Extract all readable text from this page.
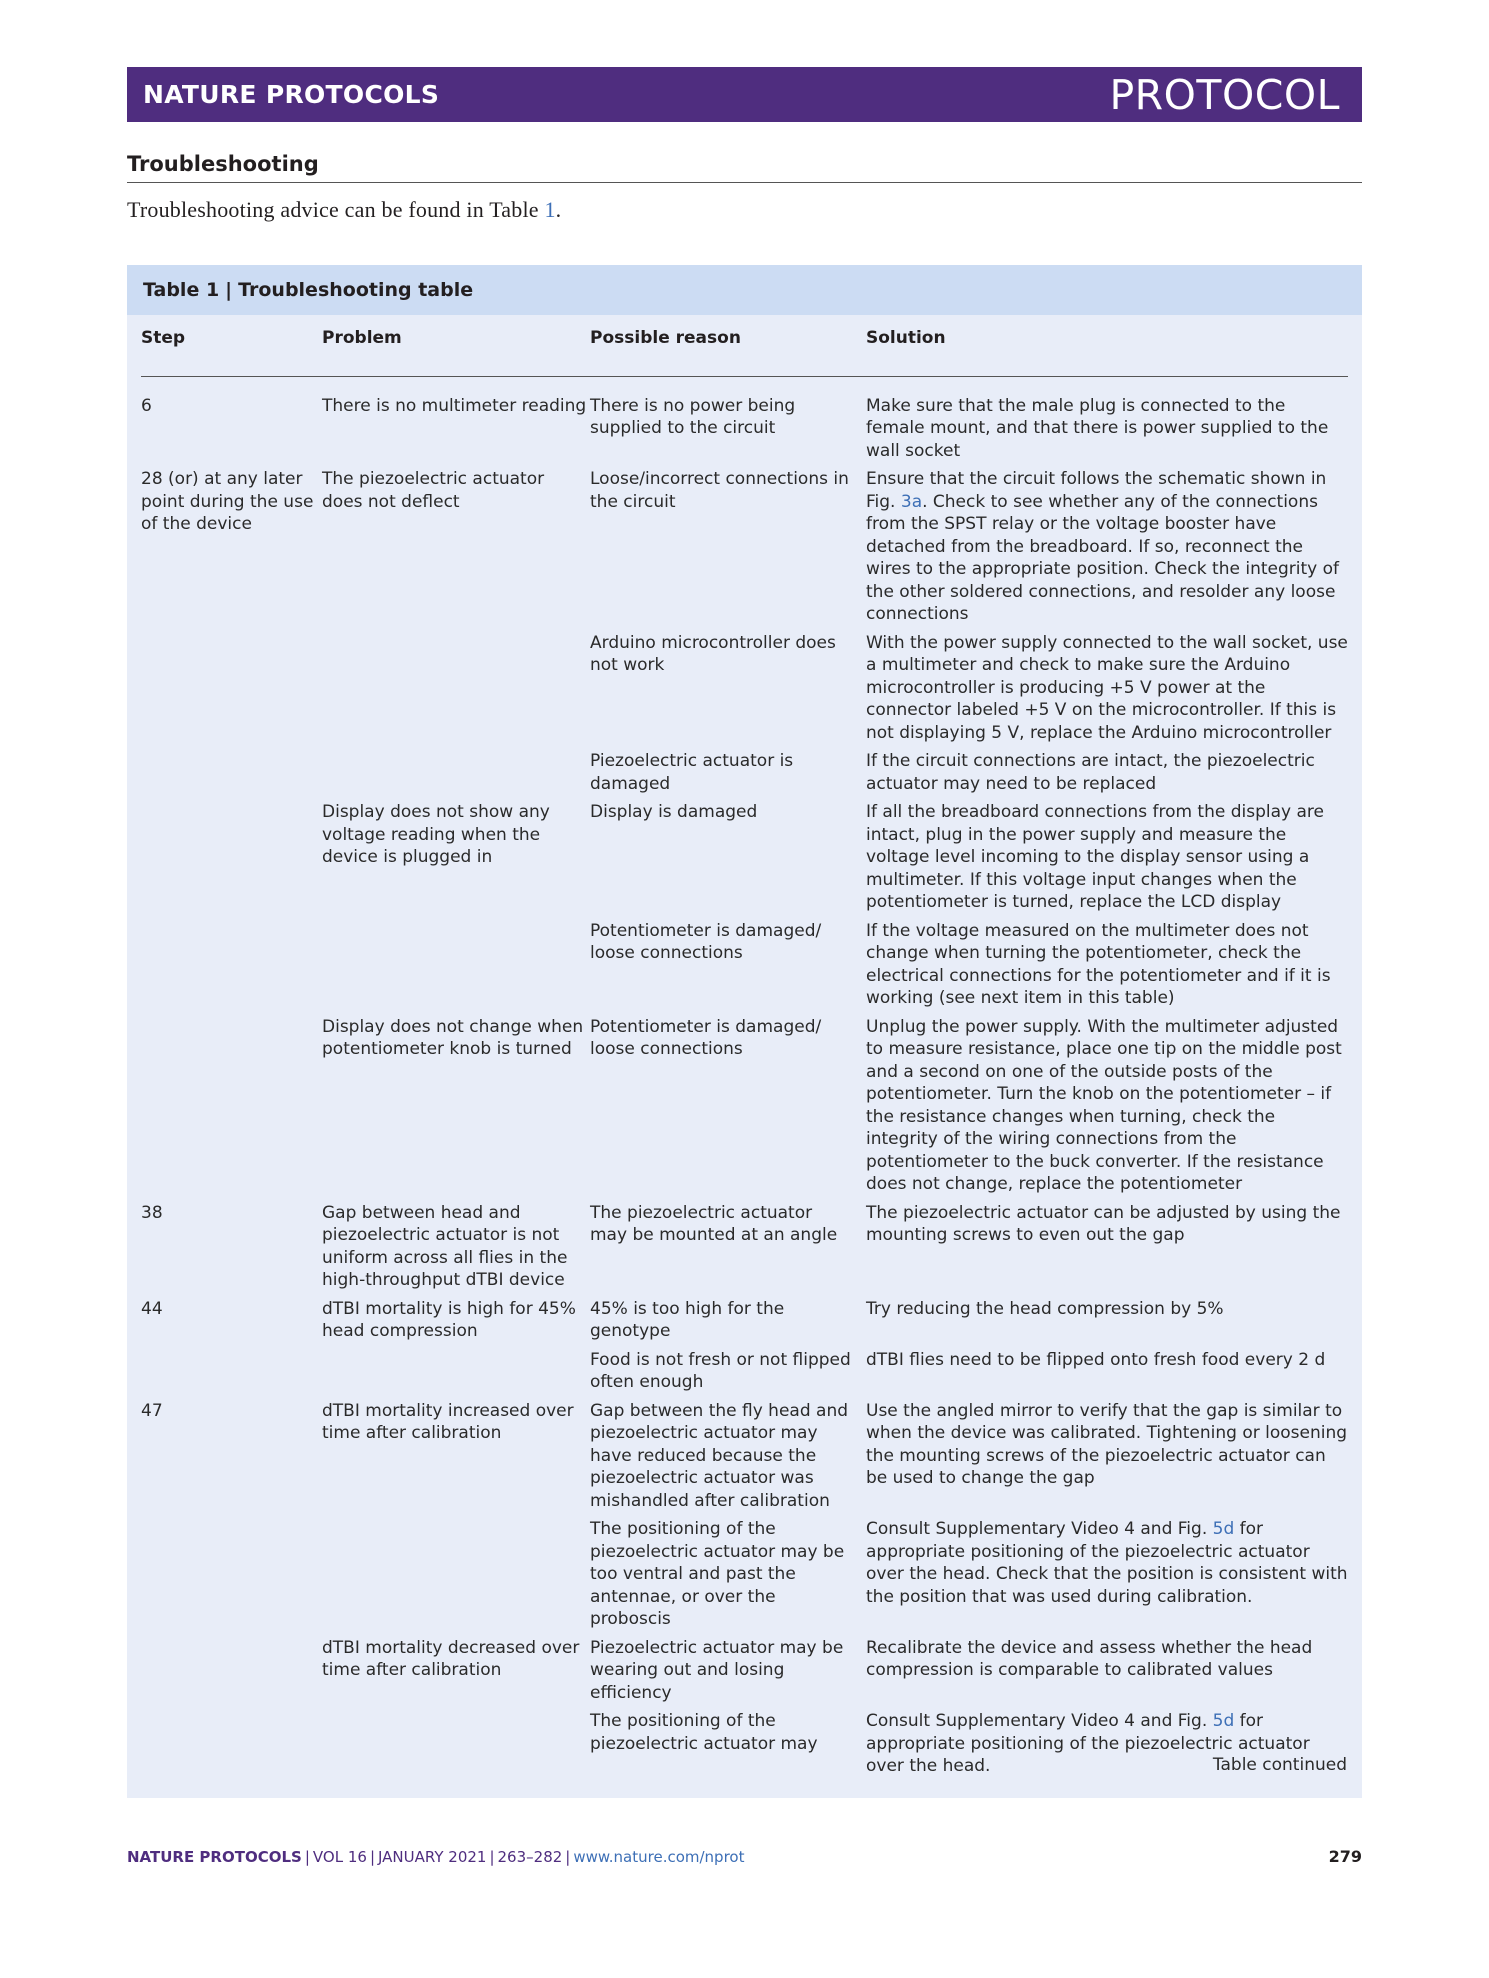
NATURE PROTOCOLS	PROTOCOL
Troubleshooting

Troubleshooting advice can be found in Table 1.

Table 1 | Troubleshooting table
Step	Problem	Possible reason	Solution
6	There is no multimeter reading	There is no power being supplied to the circuit	Make sure that the male plug is connected to the female mount, and that there is power supplied to the wall socket
28 (or) at any later point during the use of the device	The piezoelectric actuator does not deflect	Loose/incorrect connections in the circuit	Ensure that the circuit follows the schematic shown in Fig. 3a. Check to see whether any of the connections from the SPST relay or the voltage booster have detached from the breadboard. If so, reconnect the wires to the appropriate position. Check the integrity of the other soldered connections, and resolder any loose connections
		Arduino microcontroller does not work	With the power supply connected to the wall socket, use a multimeter and check to make sure the Arduino microcontroller is producing +5 V power at the connector labeled +5 V on the microcontroller. If this is not displaying 5 V, replace the Arduino microcontroller
		Piezoelectric actuator is damaged	If the circuit connections are intact, the piezoelectric actuator may need to be replaced
	Display does not show any voltage reading when the device is plugged in	Display is damaged	If all the breadboard connections from the display are intact, plug in the power supply and measure the voltage level incoming to the display sensor using a multimeter. If this voltage input changes when the potentiometer is turned, replace the LCD display
		Potentiometer is damaged/ loose connections	If the voltage measured on the multimeter does not change when turning the potentiometer, check the electrical connections for the potentiometer and if it is working (see next item in this table)
	Display does not change when potentiometer knob is turned	Potentiometer is damaged/ loose connections	Unplug the power supply. With the multimeter adjusted to measure resistance, place one tip on the middle post and a second on one of the outside posts of the potentiometer. Turn the knob on the potentiometer – if the resistance changes when turning, check the integrity of the wiring connections from the potentiometer to the buck converter. If the resistance does not change, replace the potentiometer
38	Gap between head and piezoelectric actuator is not uniform across all flies in the high-throughput dTBI device	The piezoelectric actuator may be mounted at an angle	The piezoelectric actuator can be adjusted by using the mounting screws to even out the gap
44	dTBI mortality is high for 45% head compression	45% is too high for the genotype	Try reducing the head compression by 5%
		Food is not fresh or not flipped often enough	dTBI flies need to be flipped onto fresh food every 2 d
47	dTBI mortality increased over time after calibration	Gap between the fly head and piezoelectric actuator may have reduced because the piezoelectric actuator was mishandled after calibration	Use the angled mirror to verify that the gap is similar to when the device was calibrated. Tightening or loosening the mounting screws of the piezoelectric actuator can be used to change the gap
		The positioning of the piezoelectric actuator may be too ventral and past the antennae, or over the proboscis	Consult Supplementary Video 4 and Fig. 5d for appropriate positioning of the piezoelectric actuator over the head. Check that the position is consistent with the position that was used during calibration.
	dTBI mortality decreased over time after calibration	Piezoelectric actuator may be wearing out and losing efficiency	Recalibrate the device and assess whether the head compression is comparable to calibrated values
		The positioning of the piezoelectric actuator may	Consult Supplementary Video 4 and Fig. 5d for appropriate positioning of the piezoelectric actuator over the head.	Table continued
NATURE PROTOCOLS | VOL 16 | JANUARY 2021 | 263–282 | www.nature.com/nprot	279
